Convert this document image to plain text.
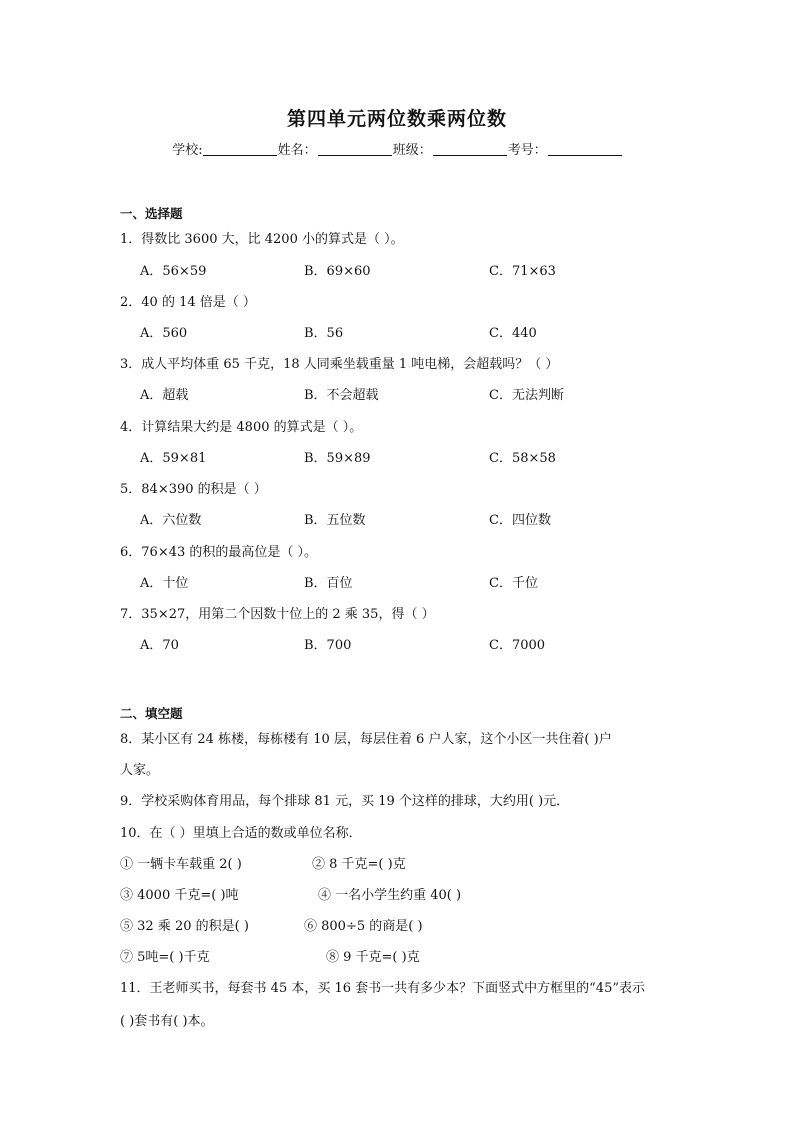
第四单元两位数乘两位数
学校:	姓名：	班级：	考号：
一、选择题
1．得数比 3600 大，比 4200 小的算式是（ ）。
A．56×59	B．69×60	C．71×63
2．40 的 14 倍是（ ）
A．560	B．56	C．440
3．成人平均体重 65 千克，18 人同乘坐载重量 1 吨电梯，会超载吗？（ ）
A．超载	B．不会超载	C．无法判断
4．计算结果大约是 4800 的算式是（ ）。
A．59×81	B．59×89	C．58×58
5．84×390 的积是（ ）
A．六位数	B．五位数	C．四位数
6．76×43 的积的最高位是（ ）。
A．十位	B．百位	C．千位
7．35×27，用第二个因数十位上的 2 乘 35，得（ ）
A．70	B．700	C．7000
二、填空题
8．某小区有 24 栋楼，每栋楼有 10 层，每层住着 6 户人家，这个小区一共住着( )户
人家。
9．学校采购体育用品，每个排球 81 元，买 19 个这样的排球，大约用( )元．
10．在（ ）里填上合适的数或单位名称．
① 一辆卡车载重 2( )	② 8 千克=( )克
③ 4000 千克=( )吨	④ 一名小学生约重 40( )
⑤ 32 乘 20 的积是( )	⑥ 800÷5 的商是( )
⑦ 5吨=( )千克	⑧ 9 千克=( )克
11．王老师买书，每套书 45 本，买 16 套书一共有多少本？下面竖式中方框里的“45”表示
( )套书有( )本。
